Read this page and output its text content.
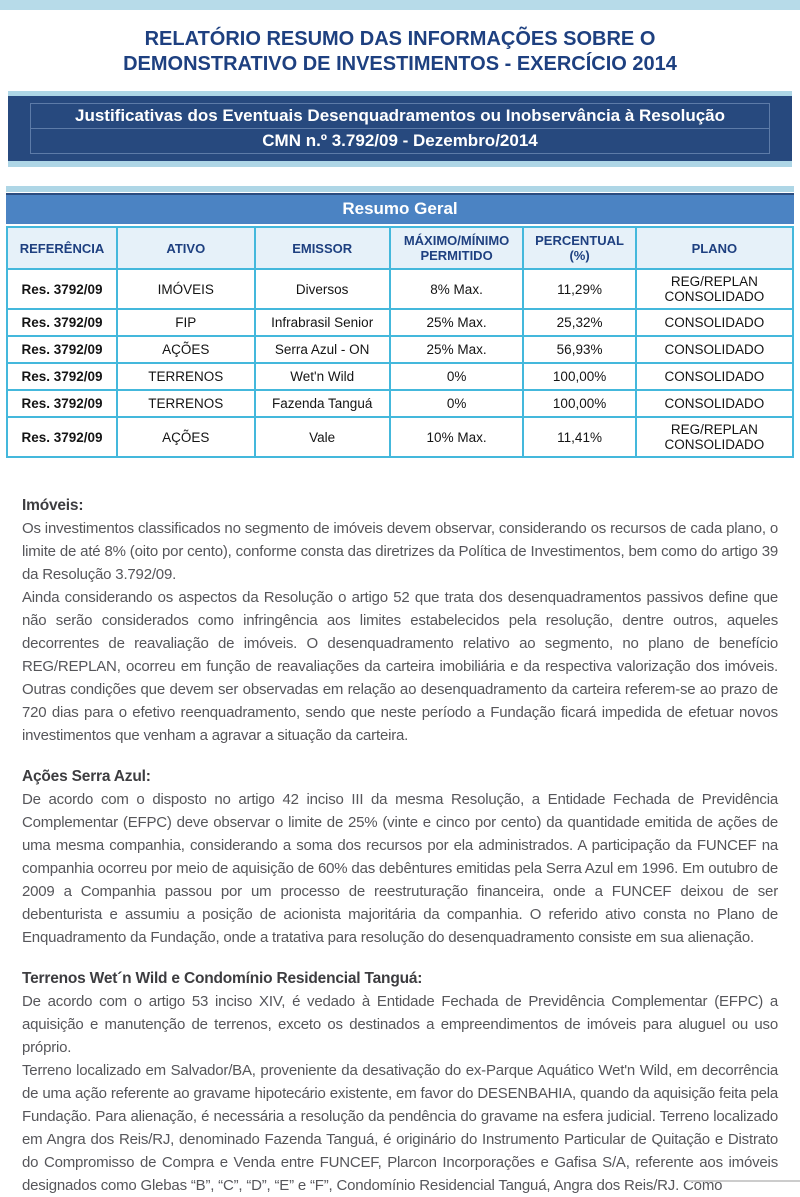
RELATÓRIO RESUMO DAS INFORMAÇÕES SOBRE O
DEMONSTRATIVO DE INVESTIMENTOS - EXERCÍCIO 2014
Justificativas dos Eventuais Desenquadramentos ou Inobservância à Resolução
CMN n.º 3.792/09 - Dezembro/2014
Resumo Geral
REFERÊNCIA	ATIVO	EMISSOR	MÁXIMO/MÍNIMO PERMITIDO	PERCENTUAL (%)	PLANO
Res. 3792/09	IMÓVEIS	Diversos	8% Max.	11,29%	REG/REPLAN CONSOLIDADO
Res. 3792/09	FIP	Infrabrasil Senior	25% Max.	25,32%	CONSOLIDADO
Res. 3792/09	AÇÕES	Serra Azul - ON	25% Max.	56,93%	CONSOLIDADO
Res. 3792/09	TERRENOS	Wet'n Wild	0%	100,00%	CONSOLIDADO
Res. 3792/09	TERRENOS	Fazenda Tanguá	0%	100,00%	CONSOLIDADO
Res. 3792/09	AÇÕES	Vale	10% Max.	11,41%	REG/REPLAN CONSOLIDADO
Imóveis:

Os investimentos classificados no segmento de imóveis devem observar, considerando os recursos de cada plano, o limite de até 8% (oito por cento), conforme consta das diretrizes da Política de Investimentos, bem como do artigo 39 da Resolução 3.792/09.

Ainda considerando os aspectos da Resolução o artigo 52 que trata dos desenquadramentos passivos define que não serão considerados como infringência aos limites estabelecidos pela resolução, dentre outros, aqueles decorrentes de reavaliação de imóveis. O desenquadramento relativo ao segmento, no plano de benefício REG/REPLAN, ocorreu em função de reavaliações da carteira imobiliária e da respectiva valorização dos imóveis. Outras condições que devem ser observadas em relação ao desenquadramento da carteira referem-se ao prazo de 720 dias para o efetivo reenquadramento, sendo que neste período a Fundação ficará impedida de efetuar novos investimentos que venham a agravar a situação da carteira.

Ações Serra Azul:

De acordo com o disposto no artigo 42 inciso III da mesma Resolução, a Entidade Fechada de Previdência Complementar (EFPC) deve observar o limite de 25% (vinte e cinco por cento) da quantidade emitida de ações de uma mesma companhia, considerando a soma dos recursos por ela administrados. A participação da FUNCEF na companhia ocorreu por meio de aquisição de 60% das debêntures emitidas pela Serra Azul em 1996. Em outubro de 2009 a Companhia passou por um processo de reestruturação financeira, onde a FUNCEF deixou de ser debenturista e assumiu a posição de acionista majoritária da companhia. O referido ativo consta no Plano de Enquadramento da Fundação, onde a tratativa para resolução do desenquadramento consiste em sua alienação.

Terrenos Wet´n Wild e Condomínio Residencial Tanguá:

De acordo com o artigo 53 inciso XIV, é vedado à Entidade Fechada de Previdência Complementar (EFPC) a aquisição e manutenção de terrenos, exceto os destinados a empreendimentos de imóveis para aluguel ou uso próprio.

Terreno localizado em Salvador/BA, proveniente da desativação do ex-Parque Aquático Wet'n Wild, em decorrência de uma ação referente ao gravame hipotecário existente, em favor do DESENBAHIA, quando da aquisição feita pela Fundação. Para alienação, é necessária a resolução da pendência do gravame na esfera judicial. Terreno localizado em Angra dos Reis/RJ, denominado Fazenda Tanguá, é originário do Instrumento Particular de Quitação e Distrato do Compromisso de Compra e Venda entre FUNCEF, Plarcon Incorporações e Gafisa S/A, referente aos imóveis designados como Glebas “B”, “C”, “D”, “E” e “F”, Condomínio Residencial Tanguá, Angra dos Reis/RJ. Como
